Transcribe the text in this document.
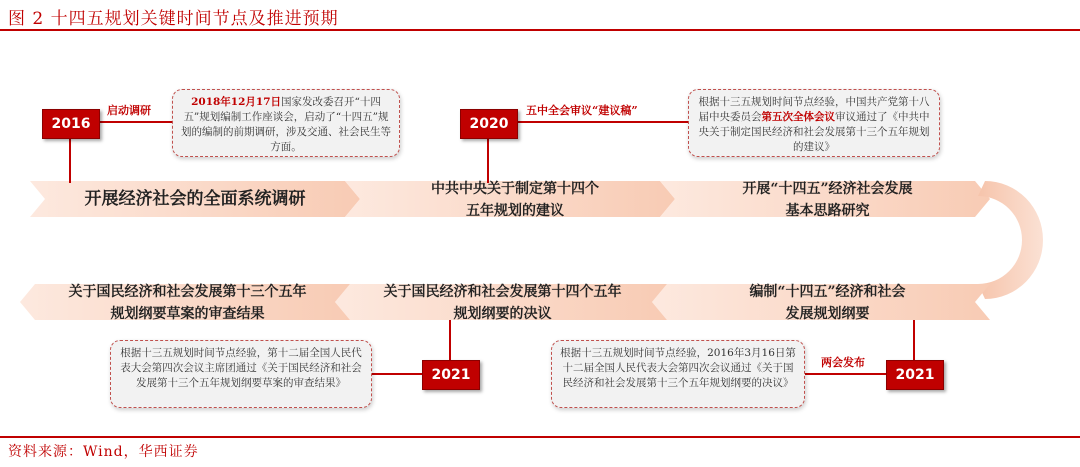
图 2 十四五规划关键时间节点及推进预期
开展经济社会的全面系统调研	中共中央关于制定第十四个
五年规划的建议
开展“十四五”经济社会发展
基本思路研究
编制“十四五”经济和社会
发展规划纲要
关于国民经济和社会发展第十四个五年
规划纲要的决议
关于国民经济和社会发展第十三个五年
规划纲要草案的审查结果
2016	2020
2021	2021
启动调研	五中全会审议“建议稿”
两会发布
2018年12月17日国家发改委召开“十四五”规划编制工作座谈会，启动了“十四五”规划的编制的前期调研，涉及交通、社会民生等方面。
根据十三五规划时间节点经验，中国共产党第十八届中央委员会第五次全体会议审议通过了《中共中央关于制定国民经济和社会发展第十三个五年规划的建议》
根据十三五规划时间节点经验，2016年3月16日第十二届全国人民代表大会第四次会议通过《关于国民经济和社会发展第十三个五年规划纲要的决议》
根据十三五规划时间节点经验，第十二届全国人民代表大会第四次会议主席团通过《关于国民经济和社会发展第十三个五年规划纲要草案的审查结果》
资料来源：Wind，华西证券
